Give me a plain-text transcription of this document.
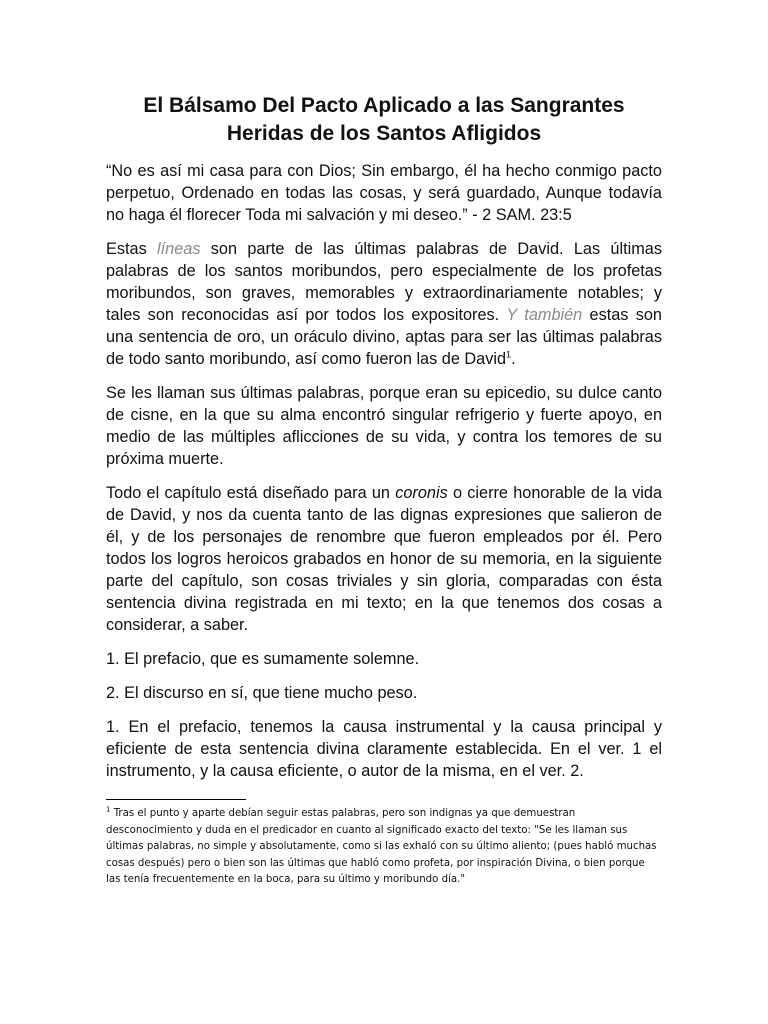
El Bálsamo Del Pacto Aplicado a las Sangrantes
Heridas de los Santos Afligidos

“No es así mi casa para con Dios; Sin embargo, él ha hecho conmigo pacto perpetuo, Ordenado en todas las cosas, y será guardado, Aunque todavía no haga él florecer Toda mi salvación y mi deseo.” - 2 SAM. 23:5

Estas líneas son parte de las últimas palabras de David. Las últimas palabras de los santos moribundos, pero especialmente de los profetas moribundos, son graves, memorables y extraordinariamente notables; y tales son reconocidas así por todos los expositores. Y también estas son una sentencia de oro, un oráculo divino, aptas para ser las últimas palabras de todo santo moribundo, así como fueron las de David$^1$.

Se les llaman sus últimas palabras, porque eran su epicedio, su dulce canto de cisne, en la que su alma encontró singular refrigerio y fuerte apoyo, en medio de las múltiples aflicciones de su vida, y contra los temores de su próxima muerte.

Todo el capítulo está diseñado para un coronis o cierre honorable de la vida de David, y nos da cuenta tanto de las dignas expresiones que salieron de él, y de los personajes de renombre que fueron empleados por él. Pero todos los logros heroicos grabados en honor de su memoria, en la siguiente parte del capítulo, son cosas triviales y sin gloria, comparadas con ésta sentencia divina registrada en mi texto; en la que tenemos dos cosas a considerar, a saber.

1. El prefacio, que es sumamente solemne.

2. El discurso en sí, que tiene mucho peso.

1. En el prefacio, tenemos la causa instrumental y la causa principal y eficiente de esta sentencia divina claramente establecida. En el ver. 1 el instrumento, y la causa eficiente, o autor de la misma, en el ver. 2.

$^1$ Tras el punto y aparte debían seguir estas palabras, pero son indignas ya que demuestran desconocimiento y duda en el predicador en cuanto al significado exacto del texto: "Se les llaman sus últimas palabras, no simple y absolutamente, como si las exhaló con su último aliento; (pues habló muchas cosas después) pero o bien son las últimas que habló como profeta, por inspiración Divina, o bien porque las tenía frecuentemente en la boca, para su último y moribundo día."
